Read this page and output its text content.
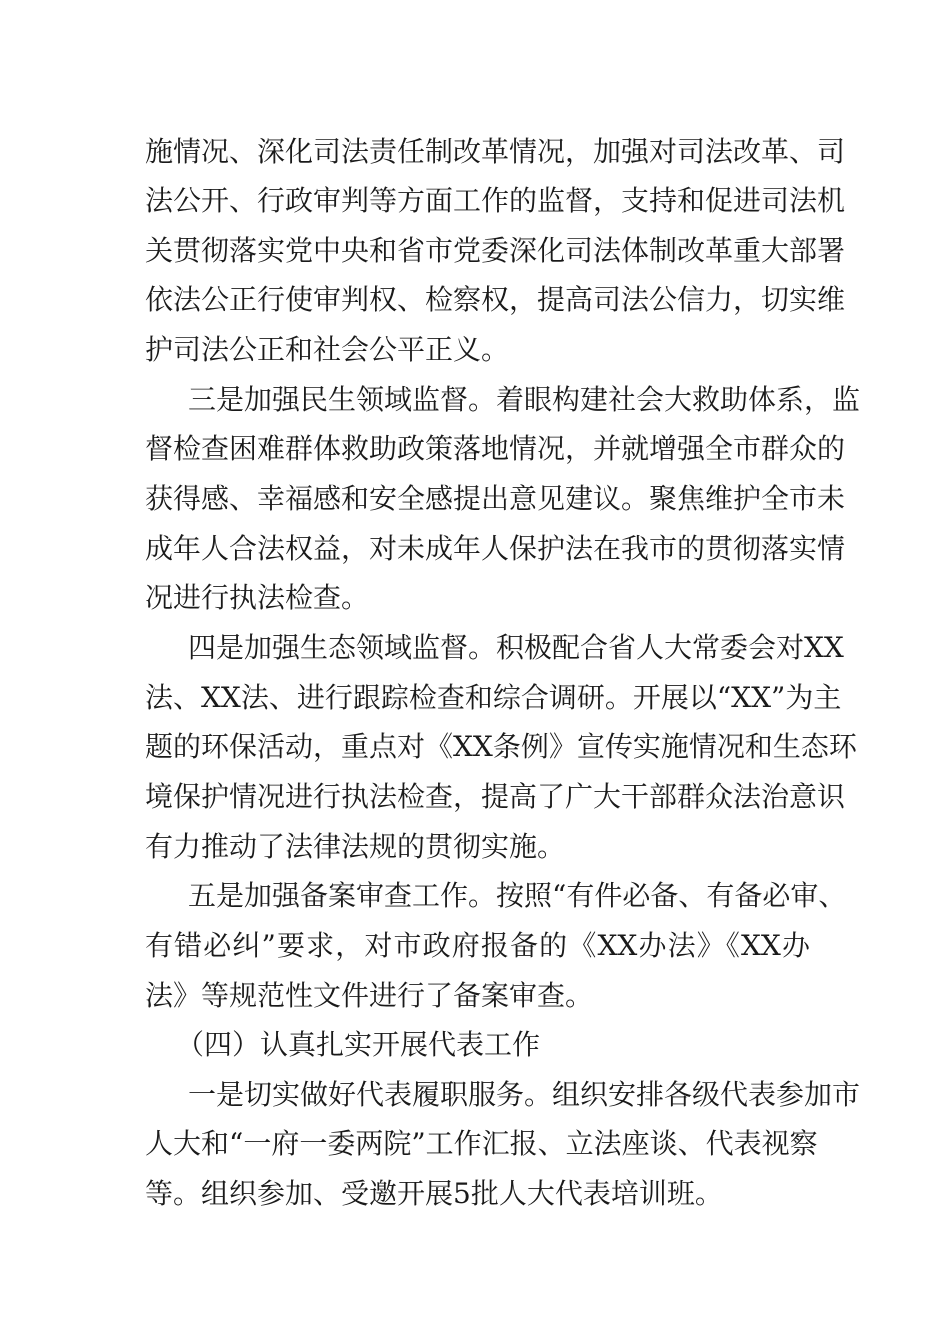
施情况、深化司法责任制改革情况，加强对司法改革、司
法公开、行政审判等方面工作的监督，支持和促进司法机
关贯彻落实党中央和省市党委深化司法体制改革重大部署
依法公正行使审判权、检察权，提高司法公信力，切实维
护司法公正和社会公平正义。
三是加强民生领域监督。着眼构建社会大救助体系，监
督检查困难群体救助政策落地情况，并就增强全市群众的
获得感、幸福感和安全感提出意见建议。聚焦维护全市未
成年人合法权益，对未成年人保护法在我市的贯彻落实情
况进行执法检查。
四是加强生态领域监督。积极配合省人大常委会对XX
法、XX法、进行跟踪检查和综合调研。开展以“XX”为主
题的环保活动，重点对《XX条例》宣传实施情况和生态环
境保护情况进行执法检查，提高了广大干部群众法治意识
有力推动了法律法规的贯彻实施。
五是加强备案审查工作。按照“有件必备、有备必审、
有错必纠”要求，对市政府报备的《XX办法》《XX办
法》等规范性文件进行了备案审查。
（四）认真扎实开展代表工作
一是切实做好代表履职服务。组织安排各级代表参加市
人大和“一府一委两院”工作汇报、立法座谈、代表视察
等。组织参加、受邀开展5批人大代表培训班。
